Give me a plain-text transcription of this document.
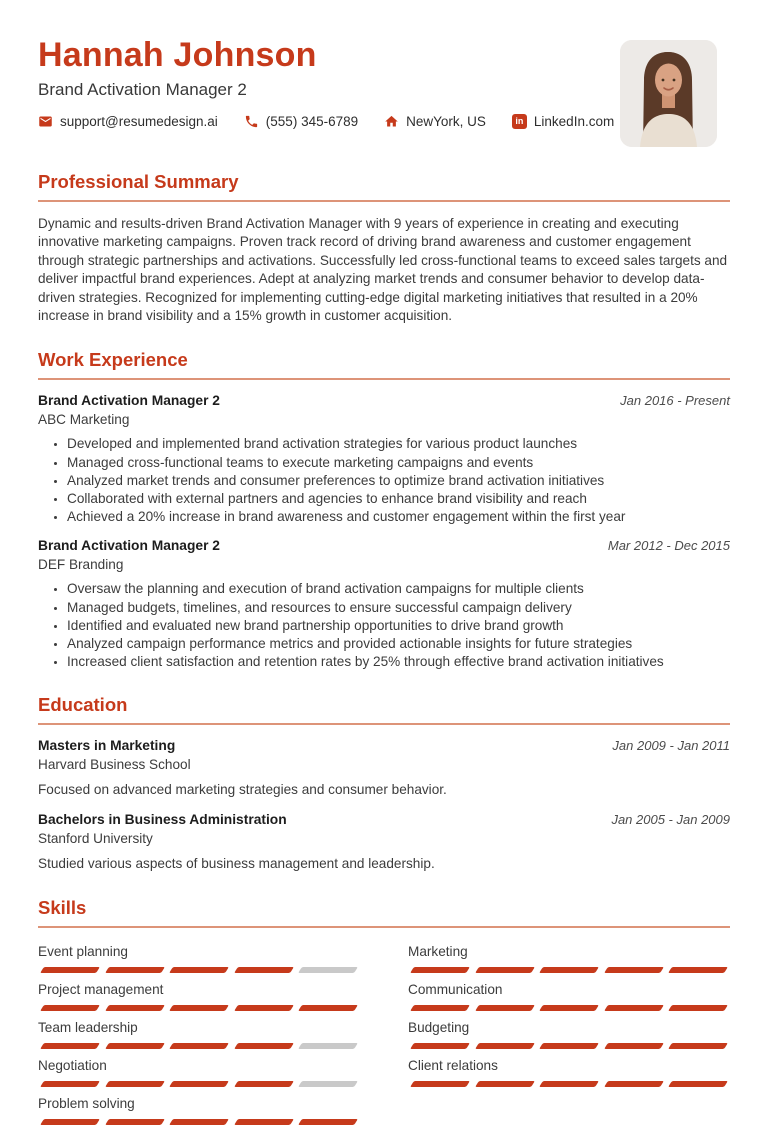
Hannah Johnson
Brand Activation Manager 2
support@resumedesign.ai	(555) 345-6789	NewYork, US	in LinkedIn.com
Professional Summary

Dynamic and results-driven Brand Activation Manager with 9 years of experience in creating and executing innovative marketing campaigns. Proven track record of driving brand awareness and customer engagement through strategic partnerships and activations. Successfully led cross-functional teams to exceed sales targets and deliver impactful brand experiences. Adept at analyzing market trends and consumer behavior to develop data-driven strategies. Recognized for implementing cutting-edge digital marketing initiatives that resulted in a 20% increase in brand visibility and a 15% growth in customer acquisition.

Work Experience
Brand Activation Manager 2	Jan 2016 - Present
ABC Marketing
• Developed and implemented brand activation strategies for various product launches
• Managed cross-functional teams to execute marketing campaigns and events
• Analyzed market trends and consumer preferences to optimize brand activation initiatives
• Collaborated with external partners and agencies to enhance brand visibility and reach
• Achieved a 20% increase in brand awareness and customer engagement within the first year
Brand Activation Manager 2	Mar 2012 - Dec 2015
DEF Branding
• Oversaw the planning and execution of brand activation campaigns for multiple clients
• Managed budgets, timelines, and resources to ensure successful campaign delivery
• Identified and evaluated new brand partnership opportunities to drive brand growth
• Analyzed campaign performance metrics and provided actionable insights for future strategies
• Increased client satisfaction and retention rates by 25% through effective brand activation initiatives
Education
Masters in Marketing	Jan 2009 - Jan 2011
Harvard Business School

Focused on advanced marketing strategies and consumer behavior.

Bachelors in Business Administration	Jan 2005 - Jan 2009
Stanford University

Studied various aspects of business management and leadership.

Skills
Event planning	Marketing
Project management	Communication
Team leadership	Budgeting
Negotiation	Client relations
Problem solving
